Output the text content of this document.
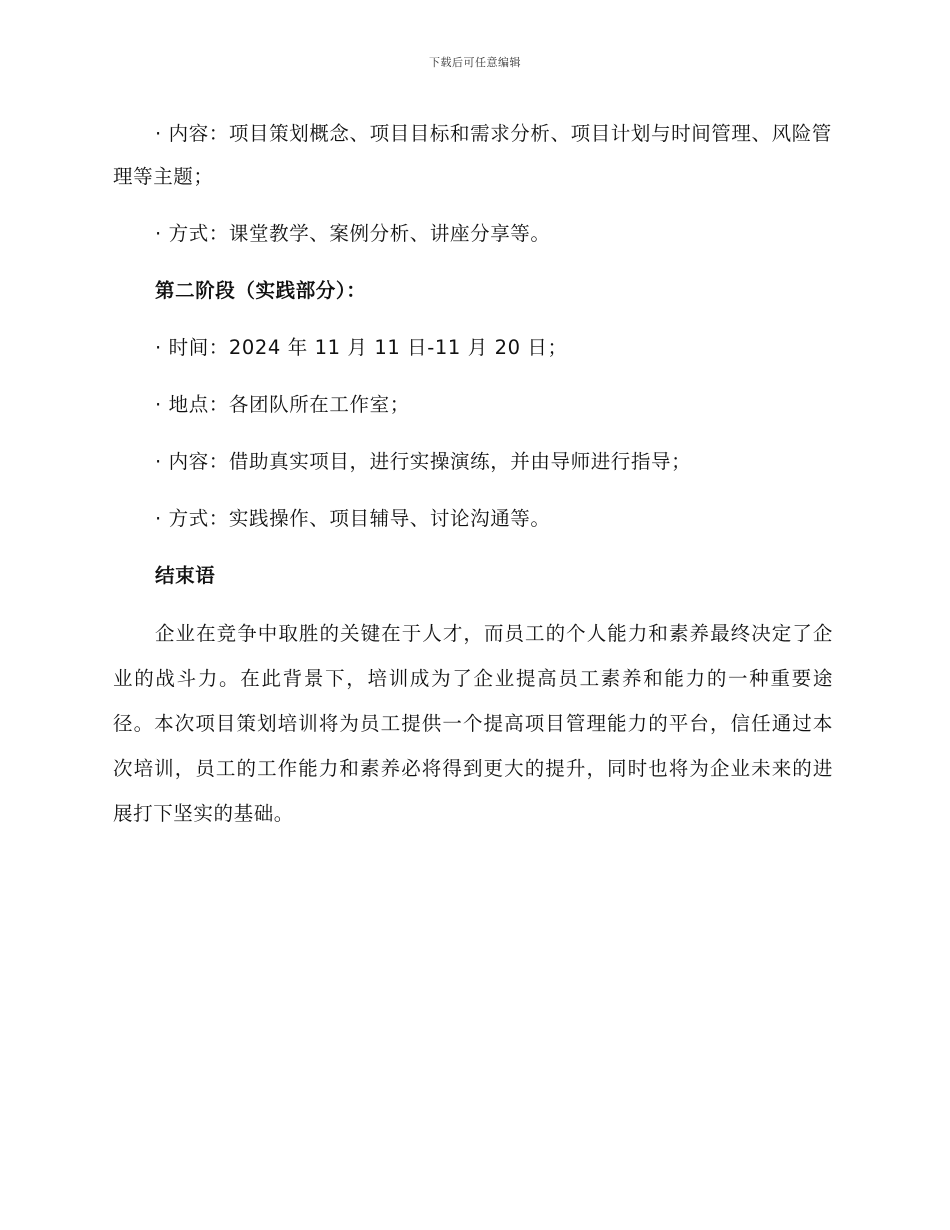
下载后可任意编辑

· 内容：项目策划概念、项目目标和需求分析、项目计划与时间管理、风险管理等主题；

· 方式：课堂教学、案例分析、讲座分享等。

第二阶段（实践部分）：

· 时间：2024 年 11 月 11 日-11 月 20 日；

· 地点：各团队所在工作室；

· 内容：借助真实项目，进行实操演练，并由导师进行指导；

· 方式：实践操作、项目辅导、讨论沟通等。

结束语

企业在竞争中取胜的关键在于人才，而员工的个人能力和素养最终决定了企业的战斗力。在此背景下，培训成为了企业提高员工素养和能力的一种重要途径。本次项目策划培训将为员工提供一个提高项目管理能力的平台，信任通过本次培训，员工的工作能力和素养必将得到更大的提升，同时也将为企业未来的进展打下坚实的基础。
